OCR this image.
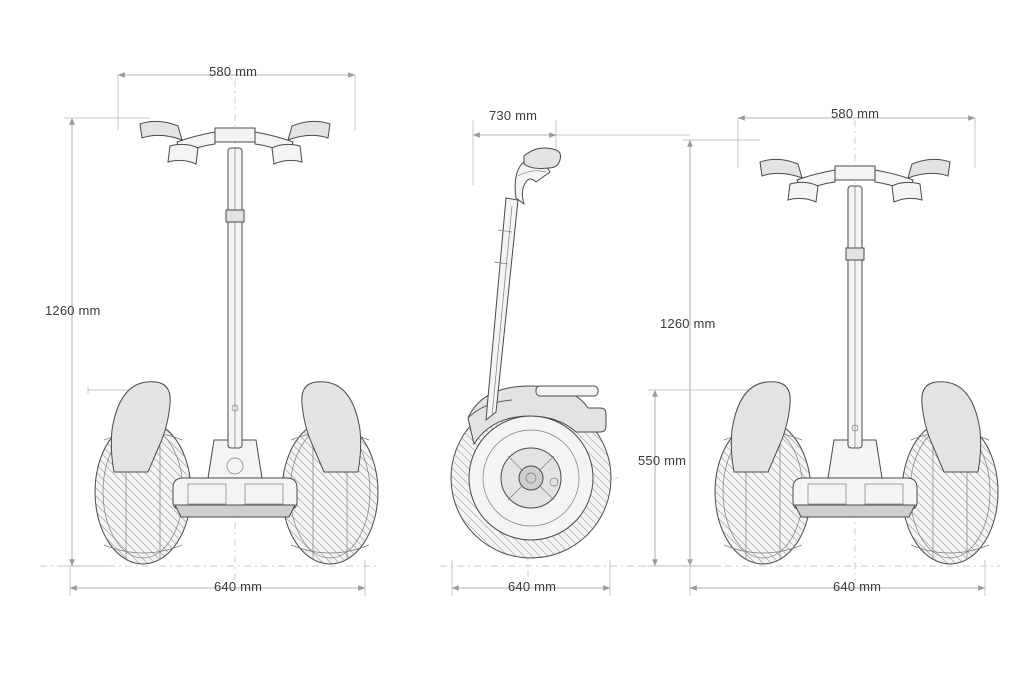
580 mm
1260 mm
640 mm
730 mm
640 mm
580 mm
1260 mm
550 mm
640 mm
